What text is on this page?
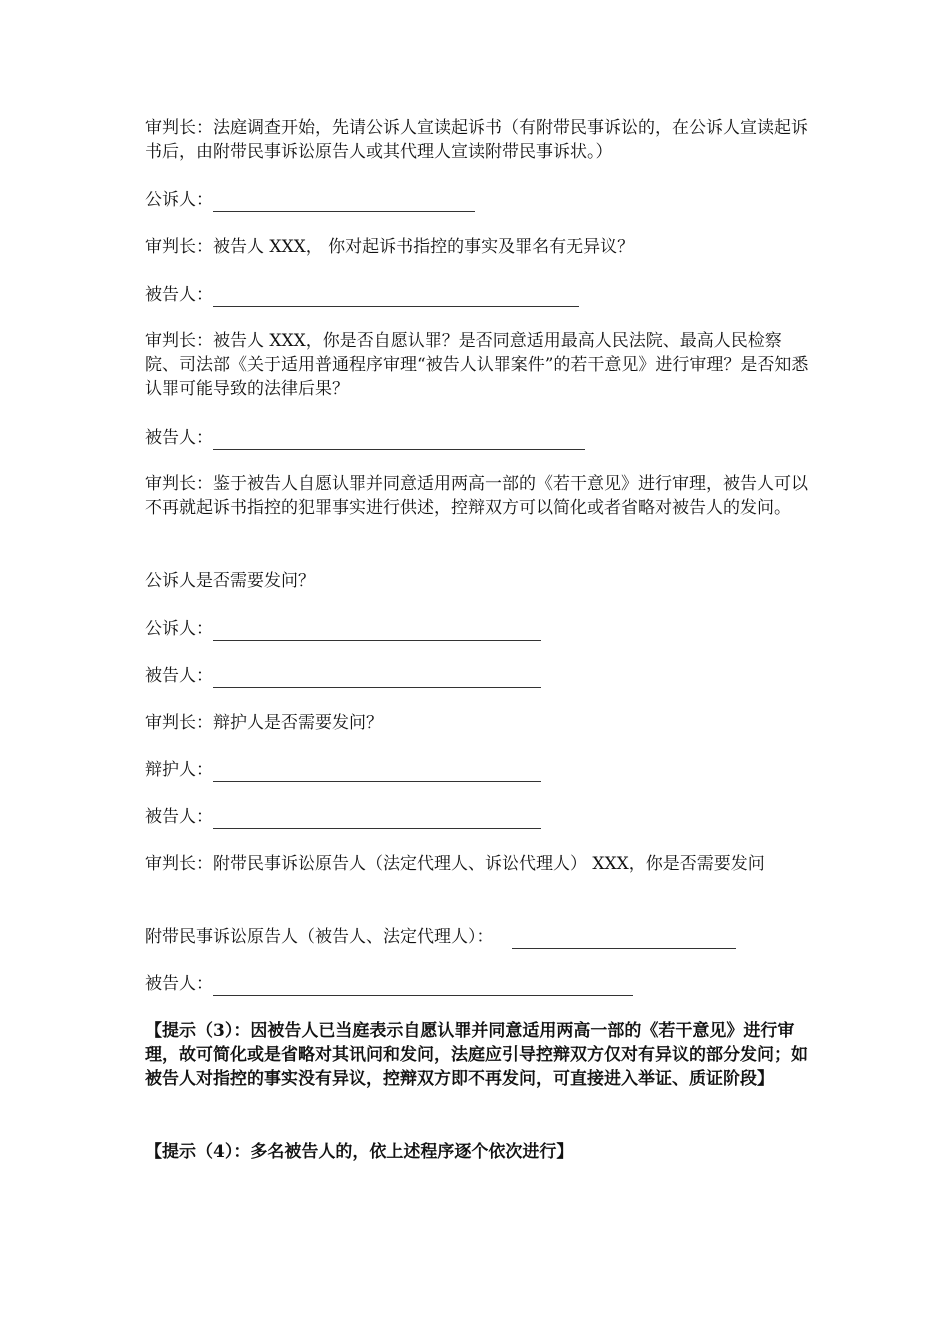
审判长：法庭调查开始，先请公诉人宣读起诉书（有附带民事诉讼的，在公诉人宣读起诉书后，由附带民事诉讼原告人或其代理人宣读附带民事诉状。）
公诉人：
审判长：被告人 XXX， 你对起诉书指控的事实及罪名有无异议？
被告人：
审判长：被告人 XXX，你是否自愿认罪？是否同意适用最高人民法院、最高人民检察院、司法部《关于适用普通程序审理“被告人认罪案件”的若干意见》进行审理？是否知悉认罪可能导致的法律后果？
被告人：
审判长：鉴于被告人自愿认罪并同意适用两高一部的《若干意见》进行审理，被告人可以不再就起诉书指控的犯罪事实进行供述，控辩双方可以简化或者省略对被告人的发问。
公诉人是否需要发问？
公诉人：
被告人：
审判长：辩护人是否需要发问？
辩护人：
被告人：
审判长：附带民事诉讼原告人（法定代理人、诉讼代理人） XXX，你是否需要发问
附带民事诉讼原告人（被告人、法定代理人）：
被告人：
【提示（3）：因被告人已当庭表示自愿认罪并同意适用两高一部的《若干意见》进行审理，故可简化或是省略对其讯问和发问，法庭应引导控辩双方仅对有异议的部分发问；如被告人对指控的事实没有异议，控辩双方即不再发问，可直接进入举证、质证阶段】
【提示（4）：多名被告人的，依上述程序逐个依次进行】
